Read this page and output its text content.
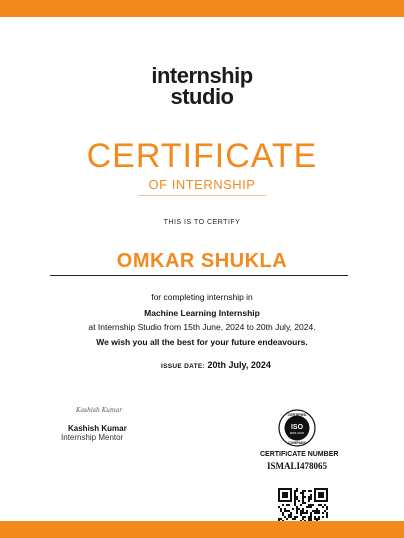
internship
studio
CERTIFICATE
OF INTERNSHIP
THIS IS TO CERTIFY
OMKAR SHUKLA
for completing internship in
Machine Learning Internship
at Internship Studio from 15th June, 2024 to 20th July, 2024.
We wish you all the best for your future endeavours.
ISSUE DATE: 20th July, 2024
Kashish Kumar
Kashish Kumar
Internship Mentor
CERTIFIED
ISO
9001:2015
COMPANY
CERTIFICATE NUMBER
ISMALI478065
